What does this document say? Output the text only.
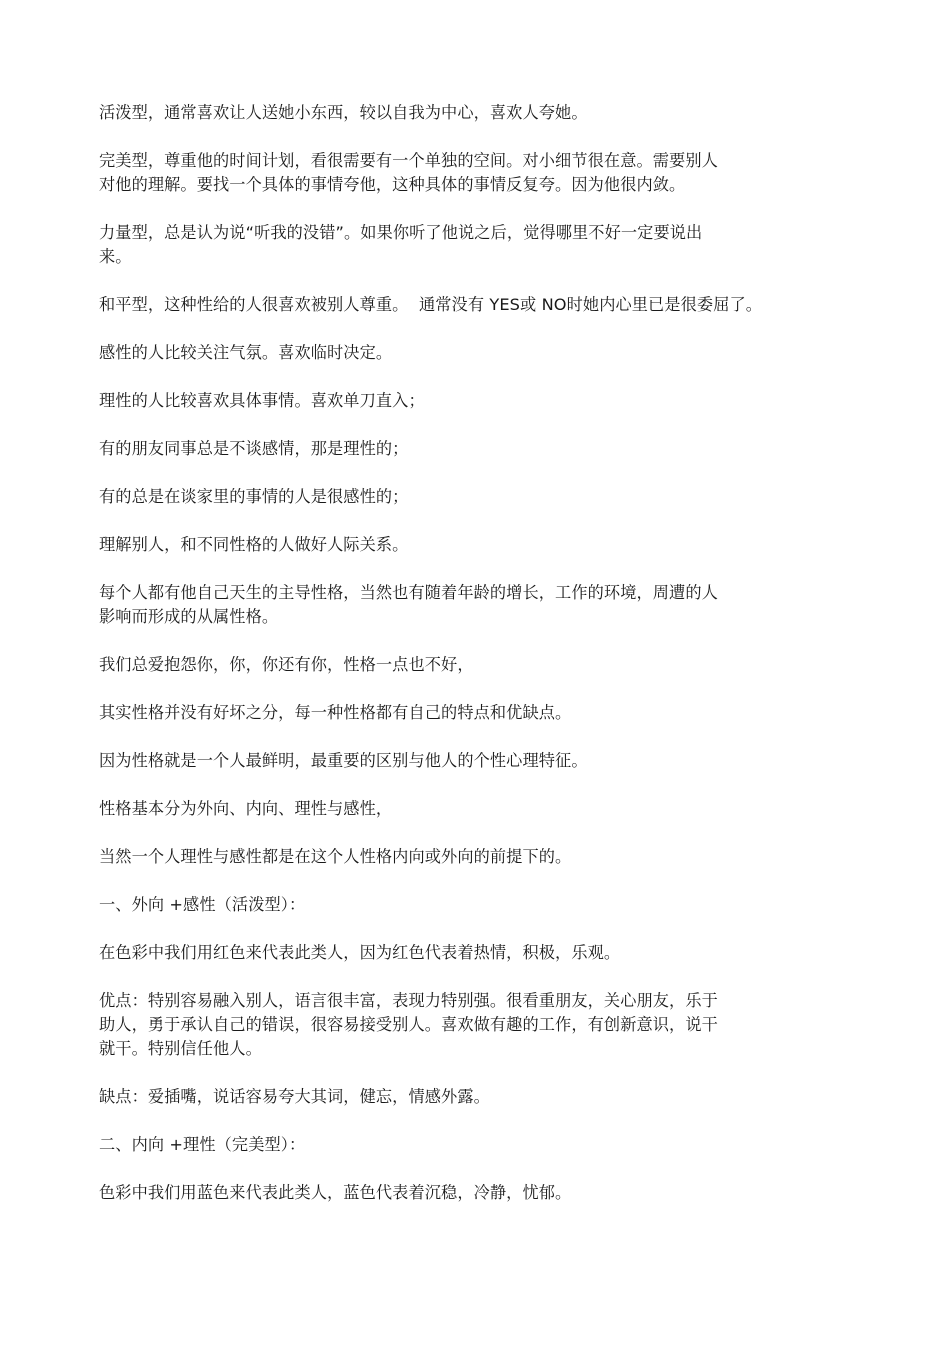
活泼型，通常喜欢让人送她小东西，较以自我为中心，喜欢人夸她。

完美型，尊重他的时间计划，看很需要有一个单独的空间。对小细节很在意。需要别人
对他的理解。要找一个具体的事情夸他，这种具体的事情反复夸。因为他很内敛。

力量型，总是认为说“听我的没错”。如果你听了他说之后，觉得哪里不好一定要说出
来。

和平型，这种性给的人很喜欢被别人尊重。  通常没有 YES或 NO时她内心里已是很委屈了。

感性的人比较关注气氛。喜欢临时决定。

理性的人比较喜欢具体事情。喜欢单刀直入；

有的朋友同事总是不谈感情，那是理性的；

有的总是在谈家里的事情的人是很感性的；

理解别人，和不同性格的人做好人际关系。

每个人都有他自己天生的主导性格，当然也有随着年龄的增长，工作的环境，周遭的人
影响而形成的从属性格。

我们总爱抱怨你，你，你还有你，性格一点也不好，

其实性格并没有好坏之分，每一种性格都有自己的特点和优缺点。

因为性格就是一个人最鲜明，最重要的区别与他人的个性心理特征。

性格基本分为外向、内向、理性与感性，

当然一个人理性与感性都是在这个人性格内向或外向的前提下的。

一、外向 +感性（活泼型）：

在色彩中我们用红色来代表此类人，因为红色代表着热情，积极，乐观。

优点：特别容易融入别人，语言很丰富，表现力特别强。很看重朋友，关心朋友，乐于
助人，勇于承认自己的错误，很容易接受别人。喜欢做有趣的工作，有创新意识，说干
就干。特别信任他人。

缺点：爱插嘴，说话容易夸大其词，健忘，情感外露。

二、内向 +理性（完美型）：

色彩中我们用蓝色来代表此类人，蓝色代表着沉稳，冷静，忧郁。
